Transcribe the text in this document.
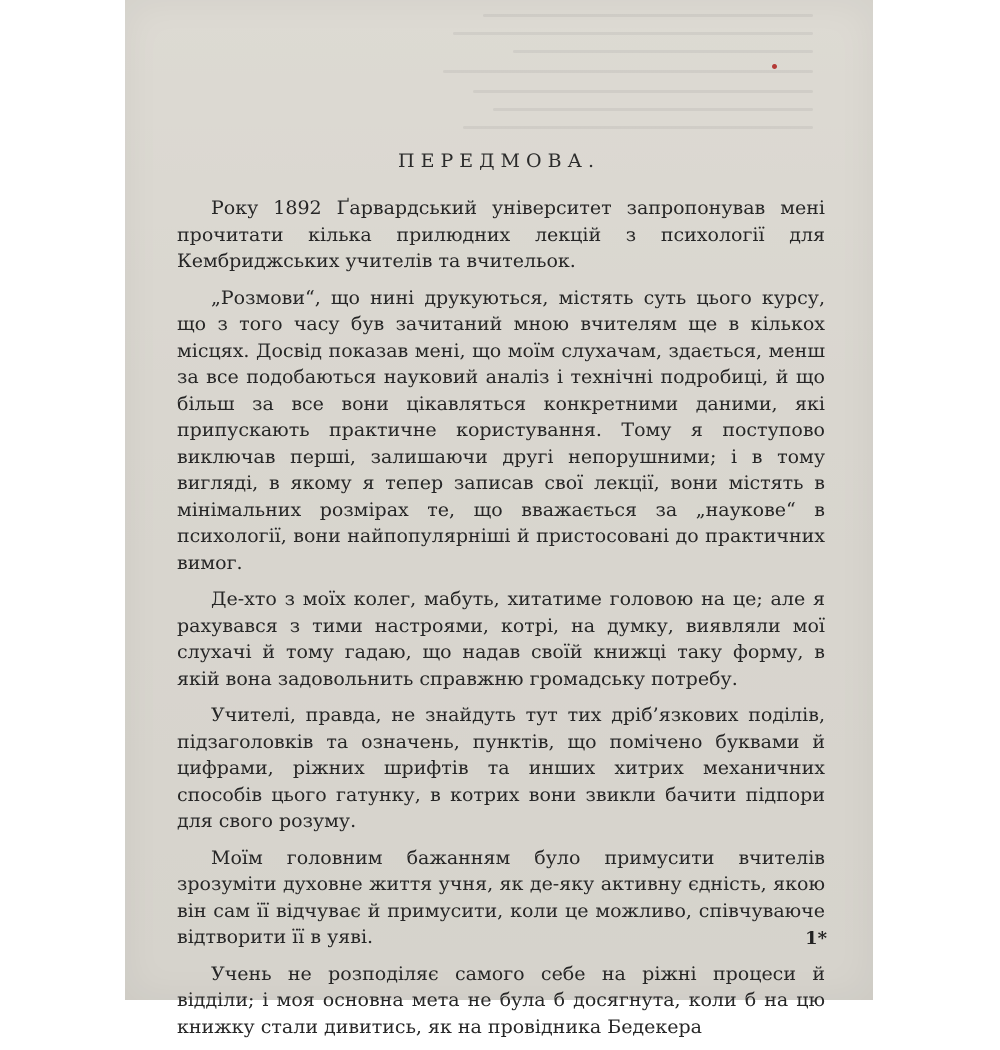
ПЕРЕДМОВА.

Року 1892 Ґарвардський університет запропонував мені прочитати кілька прилюдних лекцій з психології для Кембриджських учителів та вчительок.

„Розмови“, що нині друкуються, містять суть цього курсу, що з того часу був зачитаний мною вчителям ще в кількох місцях. Досвід показав мені, що моїм слухачам, здається, менш за все подобаються науковий аналіз і технічні подробиці, й що більш за все вони цікавляться конкретними даними, які припускають практичне користування. Тому я поступово виключав перші, залишаючи другі непорушними; і в тому вигляді, в якому я тепер записав свої лекції, вони містять в мінімальних розмірах те, що вважається за „наукове“ в психології, вони найпопулярніші й пристосовані до практичних вимог.

Де-хто з моїх колег, мабуть, хитатиме головою на це; але я рахувався з тими настроями, котрі, на думку, виявляли мої слухачі й тому гадаю, що надав своїй книжці таку форму, в якій вона задовольнить справжню громадську потребу.

Учителі, правда, не знайдуть тут тих дріб’язкових поділів, підзаголовків та означень, пунктів, що помічено буквами й цифрами, ріжних шрифтів та инших хитрих механичних способів цього гатунку, в котрих вони звикли бачити підпори для свого розуму.

Моїм головним бажанням було примусити вчителів зрозуміти духовне життя учня, як де-яку активну єдність, якою він сам її відчуває й примусити, коли це можливо, співчуваюче відтворити її в уяві.

Учень не розподіляє самого себе на ріжні процеси й відділи; і моя основна мета не була б досягнута, коли б на цю книжку стали дивитись, як на провідника Бедекера

1*
